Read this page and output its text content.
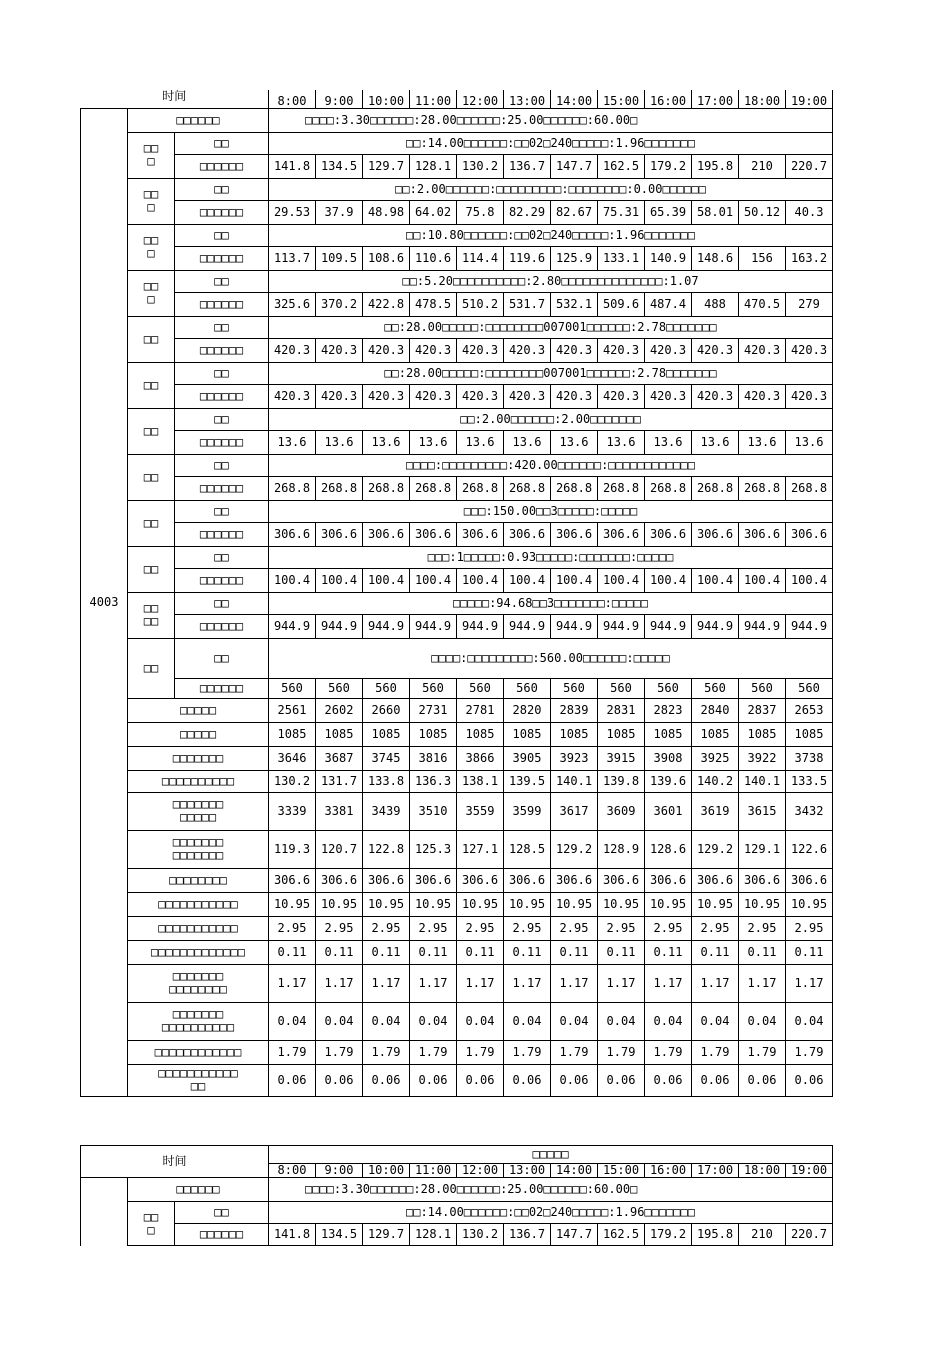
时间			8:00	9:00	10:00	11:00	12:00	13:00	14:00	15:00	16:00	17:00	18:00	19:00
4003	□□□□□□		□□□□:3.30□□□□□□:28.00□□□□□□:25.00□□□□□□:60.00□											
	□□
□	□□	□□:14.00□□□□□□:□□02□240□□□□□:1.96□□□□□□□											
		□□□□□□	141.8	134.5	129.7	128.1	130.2	136.7	147.7	162.5	179.2	195.8	210	220.7
	□□
□	□□	□□:2.00□□□□□□:□□□□□□□□□:□□□□□□□□:0.00□□□□□□											
		□□□□□□	29.53	37.9	48.98	64.02	75.8	82.29	82.67	75.31	65.39	58.01	50.12	40.3
	□□
□	□□	□□:10.80□□□□□□:□□02□240□□□□□:1.96□□□□□□□											
		□□□□□□	113.7	109.5	108.6	110.6	114.4	119.6	125.9	133.1	140.9	148.6	156	163.2
	□□
□	□□	□□:5.20□□□□□□□□□□:2.80□□□□□□□□□□□□□□:1.07											
		□□□□□□	325.6	370.2	422.8	478.5	510.2	531.7	532.1	509.6	487.4	488	470.5	279
	□□	□□	□□:28.00□□□□□:□□□□□□□□007001□□□□□□:2.78□□□□□□□											
		□□□□□□	420.3	420.3	420.3	420.3	420.3	420.3	420.3	420.3	420.3	420.3	420.3	420.3
	□□	□□	□□:28.00□□□□□:□□□□□□□□007001□□□□□□:2.78□□□□□□□											
		□□□□□□	420.3	420.3	420.3	420.3	420.3	420.3	420.3	420.3	420.3	420.3	420.3	420.3
	□□	□□	□□:2.00□□□□□□:2.00□□□□□□□											
		□□□□□□	13.6	13.6	13.6	13.6	13.6	13.6	13.6	13.6	13.6	13.6	13.6	13.6
	□□	□□	□□□□:□□□□□□□□□:420.00□□□□□□:□□□□□□□□□□□□											
		□□□□□□	268.8	268.8	268.8	268.8	268.8	268.8	268.8	268.8	268.8	268.8	268.8	268.8
	□□	□□	□□□:150.00□□3□□□□□:□□□□□											
		□□□□□□	306.6	306.6	306.6	306.6	306.6	306.6	306.6	306.6	306.6	306.6	306.6	306.6
	□□	□□	□□□:1□□□□□:0.93□□□□□:□□□□□□□:□□□□□											
		□□□□□□	100.4	100.4	100.4	100.4	100.4	100.4	100.4	100.4	100.4	100.4	100.4	100.4
	□□
□□	□□	□□□□□:94.68□□3□□□□□□□:□□□□□											
		□□□□□□	944.9	944.9	944.9	944.9	944.9	944.9	944.9	944.9	944.9	944.9	944.9	944.9
	□□	□□	□□□□:□□□□□□□□□:560.00□□□□□□:□□□□□											
		□□□□□□	560	560	560	560	560	560	560	560	560	560	560	560
	□□□□□		2561	2602	2660	2731	2781	2820	2839	2831	2823	2840	2837	2653
	□□□□□		1085	1085	1085	1085	1085	1085	1085	1085	1085	1085	1085	1085
	□□□□□□□		3646	3687	3745	3816	3866	3905	3923	3915	3908	3925	3922	3738
	□□□□□□□□□□		130.2	131.7	133.8	136.3	138.1	139.5	140.1	139.8	139.6	140.2	140.1	133.5
	□□□□□□□
□□□□□		3339	3381	3439	3510	3559	3599	3617	3609	3601	3619	3615	3432
	□□□□□□□
□□□□□□□		119.3	120.7	122.8	125.3	127.1	128.5	129.2	128.9	128.6	129.2	129.1	122.6
	□□□□□□□□		306.6	306.6	306.6	306.6	306.6	306.6	306.6	306.6	306.6	306.6	306.6	306.6
	□□□□□□□□□□□		10.95	10.95	10.95	10.95	10.95	10.95	10.95	10.95	10.95	10.95	10.95	10.95
	□□□□□□□□□□□		2.95	2.95	2.95	2.95	2.95	2.95	2.95	2.95	2.95	2.95	2.95	2.95
	□□□□□□□□□□□□□		0.11	0.11	0.11	0.11	0.11	0.11	0.11	0.11	0.11	0.11	0.11	0.11
	□□□□□□□
□□□□□□□□		1.17	1.17	1.17	1.17	1.17	1.17	1.17	1.17	1.17	1.17	1.17	1.17
	□□□□□□□
□□□□□□□□□□		0.04	0.04	0.04	0.04	0.04	0.04	0.04	0.04	0.04	0.04	0.04	0.04
	□□□□□□□□□□□□		1.79	1.79	1.79	1.79	1.79	1.79	1.79	1.79	1.79	1.79	1.79	1.79
	□□□□□□□□□□□
□□		0.06	0.06	0.06	0.06	0.06	0.06	0.06	0.06	0.06	0.06	0.06	0.06
时间			□□□□□											
			8:00	9:00	10:00	11:00	12:00	13:00	14:00	15:00	16:00	17:00	18:00	19:00
	□□□□□□		□□□□:3.30□□□□□□:28.00□□□□□□:25.00□□□□□□:60.00□											
	□□
□	□□	□□:14.00□□□□□□:□□02□240□□□□□:1.96□□□□□□□											
		□□□□□□	141.8	134.5	129.7	128.1	130.2	136.7	147.7	162.5	179.2	195.8	210	220.7
